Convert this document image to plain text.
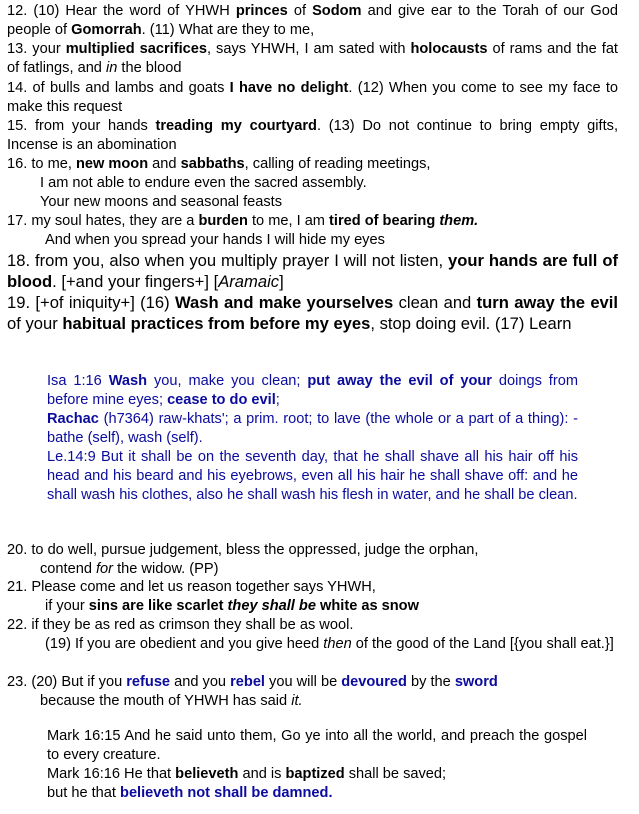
12. (10) Hear the word of YHWH princes of Sodom and give ear to the Torah of our God people of Gomorrah. (11) What are they to me,

13. your multiplied sacrifices, says YHWH, I am sated with holocausts of rams and the fat of fatlings, and in the blood

14. of bulls and lambs and goats I have no delight. (12) When you come to see my face to make this request

15. from your hands treading my courtyard. (13) Do not continue to bring empty gifts, Incense is an abomination

16. to me, new moon and sabbaths, calling of reading meetings,
I am not able to endure even the sacred assembly.
Your new moons and seasonal feasts

17. my soul hates, they are a burden to me, I am tired of bearing them.
And when you spread your hands I will hide my eyes

18. from you, also when you multiply prayer I will not listen, your hands are full of blood. [+and your fingers+] [Aramaic]

19. [+of iniquity+] (16) Wash and make yourselves clean and turn away the evil of your habitual practices from before my eyes, stop doing evil. (17) Learn

Isa 1:16 Wash you, make you clean; put away the evil of your doings from before mine eyes; cease to do evil;

Rachac (h7364) raw-khats'; a prim. root; to lave (the whole or a part of a thing): - bathe (self), wash (self).

Le.14:9 But it shall be on the seventh day, that he shall shave all his hair off his head and his beard and his eyebrows, even all his hair he shall shave off: and he shall wash his clothes, also he shall wash his flesh in water, and he shall be clean.

20. to do well, pursue judgement, bless the oppressed, judge the orphan,
contend for the widow. (PP)

21. Please come and let us reason together says YHWH,
if your sins are like scarlet they shall be white as snow

22. if they be as red as crimson they shall be as wool.
(19) If you are obedient and you give heed then of the good of the Land [{you shall eat.}]

23. (20) But if you refuse and you rebel you will be devoured by the sword
because the mouth of YHWH has said it.

Mark 16:15 And he said unto them, Go ye into all the world, and preach the gospel to every creature.

Mark 16:16 He that believeth and is baptized shall be saved;
but he that believeth not shall be damned.
